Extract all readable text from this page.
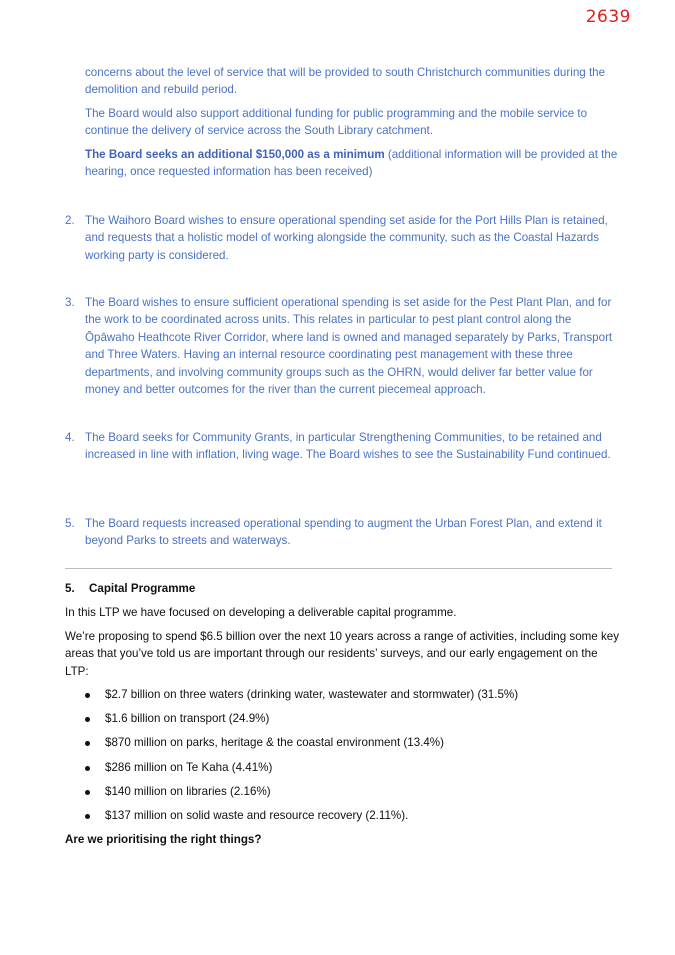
2639

concerns about the level of service that will be provided to south Christchurch communities during the demolition and rebuild period.

The Board would also support additional funding for public programming and the mobile service to continue the delivery of service across the South Library catchment.

The Board seeks an additional $150,000 as a minimum (additional information will be provided at the hearing, once requested information has been received)

2. The Waihoro Board wishes to ensure operational spending set aside for the Port Hills Plan is retained, and requests that a holistic model of working alongside the community, such as the Coastal Hazards working party is considered.
3. The Board wishes to ensure sufficient operational spending is set aside for the Pest Plant Plan, and for the work to be coordinated across units. This relates in particular to pest plant control along the Ōpāwaho Heathcote River Corridor, where land is owned and managed separately by Parks, Transport and Three Waters. Having an internal resource coordinating pest management with these three departments, and involving community groups such as the OHRN, would deliver far better value for money and better outcomes for the river than the current piecemeal approach.
4. The Board seeks for Community Grants, in particular Strengthening Communities, to be retained and increased in line with inflation, living wage. The Board wishes to see the Sustainability Fund continued.
5. The Board requests increased operational spending to augment the Urban Forest Plan, and extend it beyond Parks to streets and waterways.
5. Capital Programme

In this LTP we have focused on developing a deliverable capital programme.

We’re proposing to spend $6.5 billion over the next 10 years across a range of activities, including some key areas that you’ve told us are important through our residents’ surveys, and our early engagement on the LTP:

$2.7 billion on three waters (drinking water, wastewater and stormwater) (31.5%)
$1.6 billion on transport (24.9%)
$870 million on parks, heritage & the coastal environment (13.4%)
$286 million on Te Kaha (4.41%)
$140 million on libraries (2.16%)
$137 million on solid waste and resource recovery (2.11%).
Are we prioritising the right things?
